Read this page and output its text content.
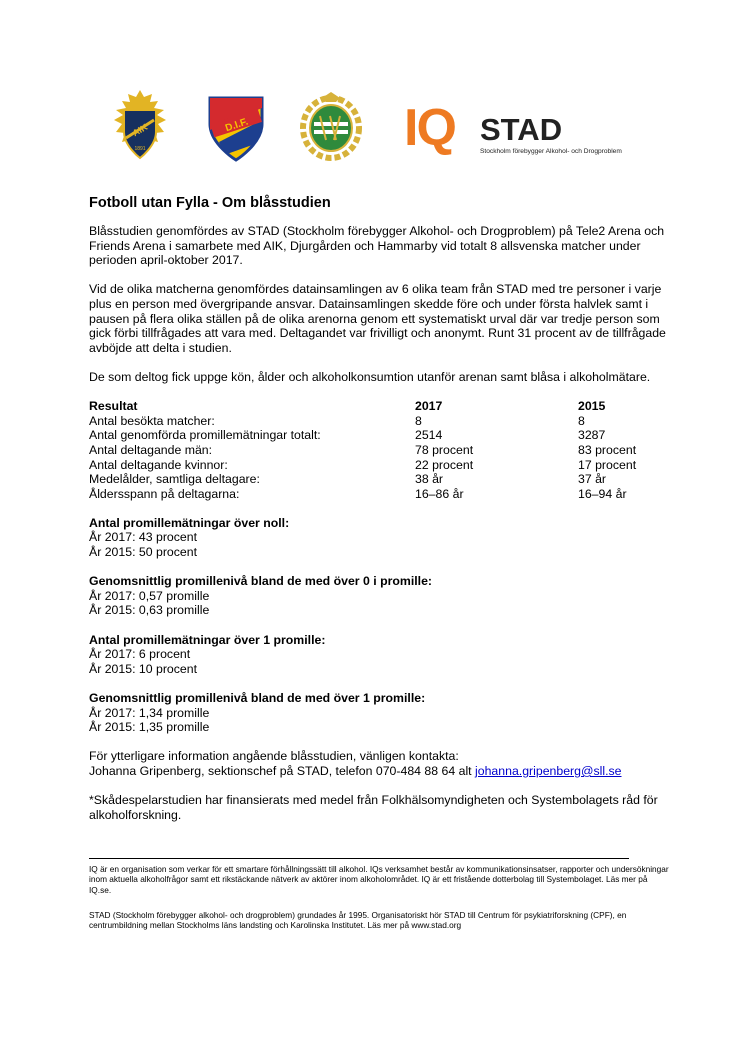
AIK
1891
D.I.F.	IQ STAD
Stockholm förebygger Alkohol- och Drogproblem
Fotboll utan Fylla - Om blåsstudien

Blåsstudien genomfördes av STAD (Stockholm förebygger Alkohol- och Drogproblem) på Tele2 Arena och Friends Arena i samarbete med AIK, Djurgården och Hammarby vid totalt 8 allsvenska matcher under perioden april-oktober 2017.

Vid de olika matcherna genomfördes datainsamlingen av 6 olika team från STAD med tre personer i varje plus en person med övergripande ansvar. Datainsamlingen skedde före och under första halvlek samt i pausen på flera olika ställen på de olika arenorna genom ett systematiskt urval där var tredje person som gick förbi tillfrågades att vara med. Deltagandet var frivilligt och anonymt. Runt 31 procent av de tillfrågade avböjde att delta i studien.

De som deltog fick uppge kön, ålder och alkoholkonsumtion utanför arenan samt blåsa i alkoholmätare.

Resultat	2017	2015
Antal besökta matcher:	8	8
Antal genomförda promillemätningar totalt:	2514	3287
Antal deltagande män:	78 procent	83 procent
Antal deltagande kvinnor:	22 procent	17 procent
Medelålder, samtliga deltagare:	38 år	37 år
Åldersspann på deltagarna:	16–86 år	16–94 år
Antal promillemätningar över noll:
År 2017: 43 procent
År 2015: 50 procent
Genomsnittlig promillenivå bland de med över 0 i promille:
År 2017: 0,57 promille
År 2015: 0,63 promille
Antal promillemätningar över 1 promille:
År 2017: 6 procent
År 2015: 10 procent
Genomsnittlig promillenivå bland de med över 1 promille:
År 2017: 1,34 promille
År 2015: 1,35 promille
För ytterligare information angående blåsstudien, vänligen kontakta:
Johanna Gripenberg, sektionschef på STAD, telefon 070-484 88 64 alt johanna.gripenberg@sll.se

*Skådespelarstudien har finansierats med medel från Folkhälsomyndigheten och Systembolagets råd för alkoholforskning.

IQ är en organisation som verkar för ett smartare förhållningssätt till alkohol. IQs verksamhet består av kommunikationsinsatser, rapporter och undersökningar inom aktuella alkoholfrågor samt ett rikstäckande nätverk av aktörer inom alkoholområdet. IQ är ett fristående dotterbolag till Systembolaget. Läs mer på IQ.se.

STAD (Stockholm förebygger alkohol- och drogproblem) grundades år 1995. Organisatoriskt hör STAD till Centrum för psykiatriforskning (CPF), en centrumbildning mellan Stockholms läns landsting och Karolinska Institutet. Läs mer på www.stad.org
